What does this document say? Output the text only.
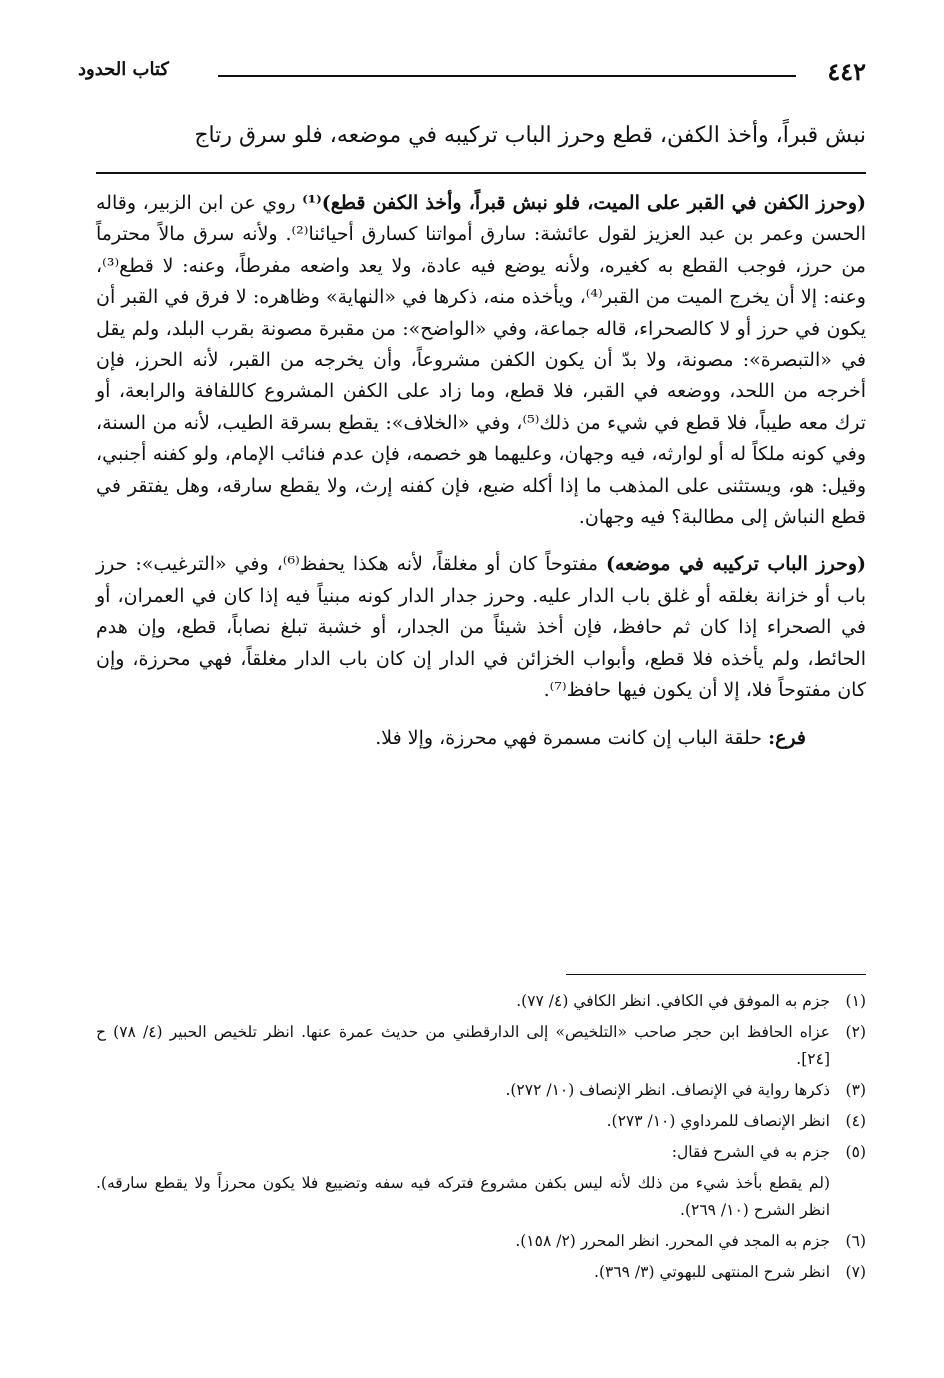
٤٤٢
كتاب الحدود
نبش قبراً، وأخذ الكفن، قطع وحرز الباب تركيبه في موضعه، فلو سرق رتاج

(وحرز الكفن في القبر على الميت، فلو نبش قبراً، وأخذ الكفن قطع)⁽¹⁾ روي عن ابن الزبير، وقاله الحسن وعمر بن عبد العزيز لقول عائشة: سارق أمواتنا كسارق أحيائنا⁽²⁾. ولأنه سرق مالاً محترماً من حرز، فوجب القطع به كغيره، ولأنه يوضع فيه عادة، ولا يعد واضعه مفرطاً، وعنه: لا قطع⁽³⁾، وعنه: إلا أن يخرج الميت من القبر⁽⁴⁾، ويأخذه منه، ذكرها في «النهاية» وظاهره: لا فرق في القبر أن يكون في حرز أو لا كالصحراء، قاله جماعة، وفي «الواضح»: من مقبرة مصونة بقرب البلد، ولم يقل في «التبصرة»: مصونة، ولا بدّ أن يكون الكفن مشروعاً، وأن يخرجه من القبر، لأنه الحرز، فإن أخرجه من اللحد، ووضعه في القبر، فلا قطع، وما زاد على الكفن المشروع كاللفافة والرابعة، أو ترك معه طيباً، فلا قطع في شيء من ذلك⁽⁵⁾، وفي «الخلاف»: يقطع بسرقة الطيب، لأنه من السنة، وفي كونه ملكاً له أو لوارثه، فيه وجهان، وعليهما هو خصمه، فإن عدم فنائب الإمام، ولو كفنه أجنبي، وقيل: هو، ويستثنى على المذهب ما إذا أكله ضبع، فإن كفنه إرث، ولا يقطع سارقه، وهل يفتقر في قطع النباش إلى مطالبة؟ فيه وجهان.

(وحرز الباب تركيبه في موضعه) مفتوحاً كان أو مغلقاً، لأنه هكذا يحفظ⁽⁶⁾، وفي «الترغيب»: حرز باب أو خزانة بغلقه أو غلق باب الدار عليه. وحرز جدار الدار كونه مبنياً فيه إذا كان في العمران، أو في الصحراء إذا كان ثم حافظ، فإن أخذ شيئاً من الجدار، أو خشبة تبلغ نصاباً، قطع، وإن هدم الحائط، ولم يأخذه فلا قطع، وأبواب الخزائن في الدار إن كان باب الدار مغلقاً، فهي محرزة، وإن كان مفتوحاً فلا، إلا أن يكون فيها حافظ⁽⁷⁾.

فرع: حلقة الباب إن كانت مسمرة فهي محرزة، وإلا فلا.

(١)
جزم به الموفق في الكافي. انظر الكافي (٤/ ٧٧).
(٢)
عزاه الحافظ ابن حجر صاحب «التلخيص» إلى الدارقطني من حديث عمرة عنها. انظر تلخيص الحبير (٤/ ٧٨) ح [٢٤].
(٣)
ذكرها رواية في الإنصاف. انظر الإنصاف (١٠/ ٢٧٢).
(٤)
انظر الإنصاف للمرداوي (١٠/ ٢٧٣).
(٥)
جزم به في الشرح فقال:
(لم يقطع بأخذ شيء من ذلك لأنه ليس بكفن مشروع فتركه فيه سفه وتضييع فلا يكون محرزاً ولا يقطع سارقه). انظر الشرح (١٠/ ٢٦٩).
(٦)
جزم به المجد في المحرر. انظر المحرر (٢/ ١٥٨).
(٧)
انظر شرح المنتهى للبهوتي (٣/ ٣٦٩).
